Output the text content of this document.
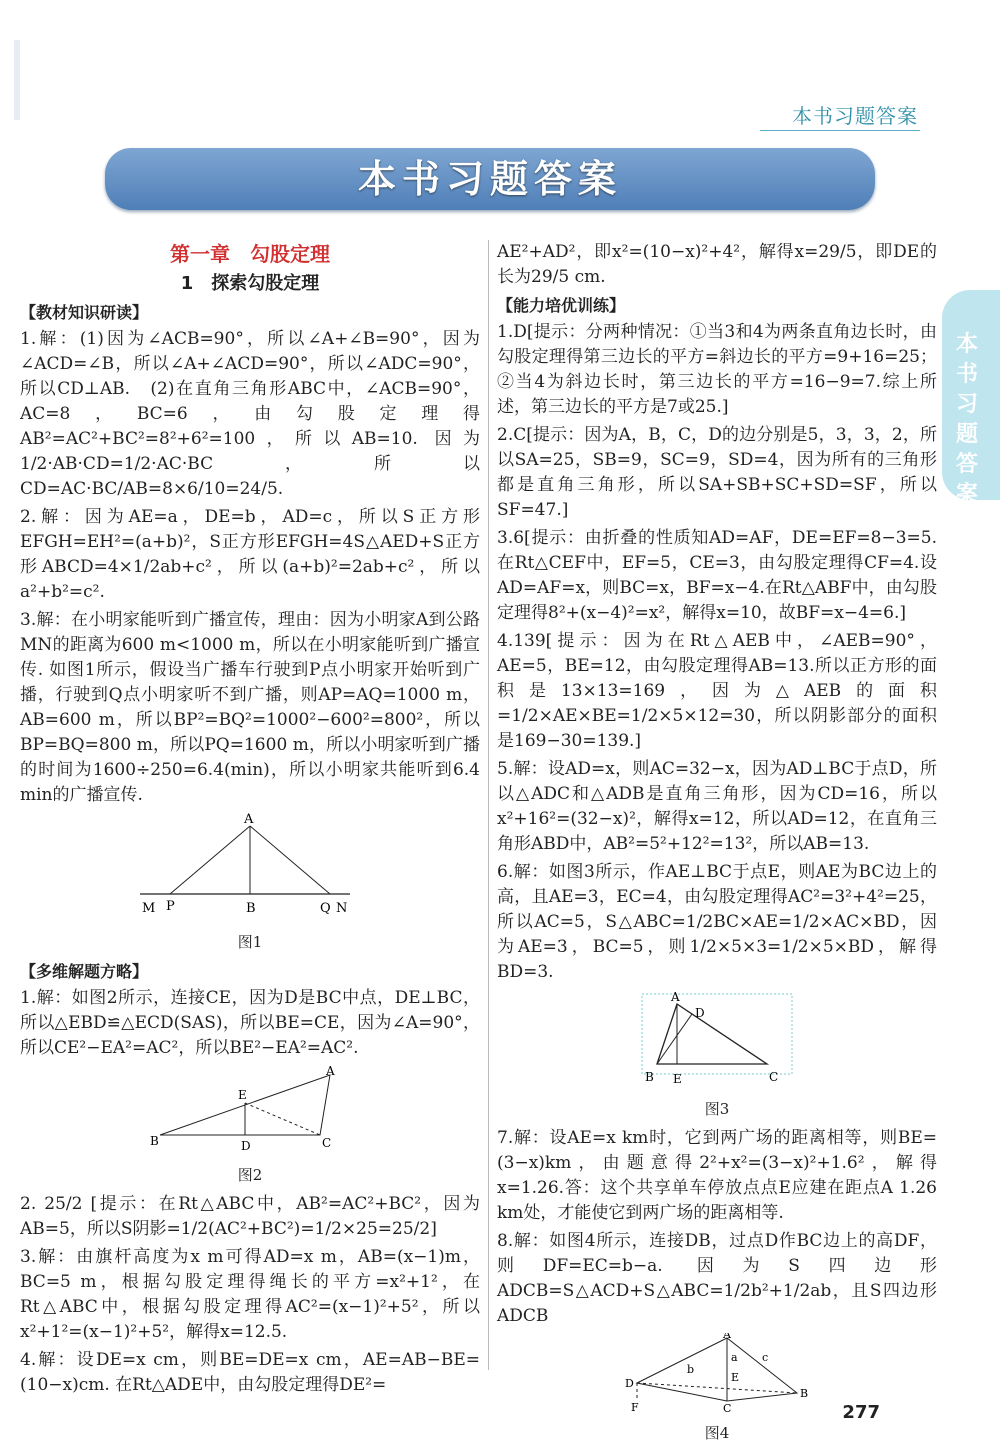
本书习题答案
本书习题答案
本书习题答案
第一章　勾股定理
1　探索勾股定理
【教材知识研读】

1.解：(1)因为∠ACB=90°，所以∠A+∠B=90°，因为∠ACD=∠B，所以∠A+∠ACD=90°，所以∠ADC=90°，所以CD⊥AB.　(2)在直角三角形ABC中，∠ACB=90°，AC=8，BC=6，由勾股定理得AB²=AC²+BC²=8²+6²=100，所以AB=10. 因为1/2·AB·CD=1/2·AC·BC，所以CD=AC·BC/AB=8×6/10=24/5.

2.解：因为AE=a，DE=b，AD=c，所以S正方形EFGH=EH²=(a+b)²，S正方形EFGH=4S△AED+S正方形ABCD=4×1/2ab+c²，所以(a+b)²=2ab+c²，所以a²+b²=c².

3.解：在小明家能听到广播宣传，理由：因为小明家A到公路MN的距离为600 m<1000 m，所以在小明家能听到广播宣传. 如图1所示，假设当广播车行驶到P点小明家开始听到广播，行驶到Q点小明家听不到广播，则AP=AQ=1000 m，AB=600 m，所以BP²=BQ²=1000²−600²=800²，所以BP=BQ=800 m，所以PQ=1600 m，所以小明家听到广播的时间为1600÷250=6.4(min)，所以小明家共能听到6.4 min的广播宣传.

A
M P	B	Q N
图1
【多维解题方略】

1.解：如图2所示，连接CE，因为D是BC中点，DE⊥BC，所以△EBD≌△ECD(SAS)，所以BE=CE，因为∠A=90°，所以CE²−EA²=AC²，所以BE²−EA²=AC².

A
E
B	D	C
图2

2. 25/2 [提示：在Rt△ABC中，AB²=AC²+BC²，因为AB=5，所以S阴影=1/2(AC²+BC²)=1/2×25=25/2]

3.解：由旗杆高度为x m可得AD=x m，AB=(x−1)m，BC=5 m，根据勾股定理得绳长的平方=x²+1²，在Rt△ABC中，根据勾股定理得AC²=(x−1)²+5²，所以x²+1²=(x−1)²+5²，解得x=12.5.

4.解：设DE=x cm，则BE=DE=x cm，AE=AB−BE=(10−x)cm. 在Rt△ADE中，由勾股定理得DE²=

AE²+AD²，即x²=(10−x)²+4²，解得x=29/5，即DE的长为29/5 cm.

【能力培优训练】

1.D[提示：分两种情况：①当3和4为两条直角边长时，由勾股定理得第三边长的平方=斜边长的平方=9+16=25；②当4为斜边长时，第三边长的平方=16−9=7.综上所述，第三边长的平方是7或25.]

2.C[提示：因为A，B，C，D的边分别是5，3，3，2，所以SA=25，SB=9，SC=9，SD=4，因为所有的三角形都是直角三角形，所以SA+SB+SC+SD=SF，所以SF=47.]

3.6[提示：由折叠的性质知AD=AF，DE=EF=8−3=5.在Rt△CEF中，EF=5，CE=3，由勾股定理得CF=4.设AD=AF=x，则BC=x，BF=x−4.在Rt△ABF中，由勾股定理得8²+(x−4)²=x²，解得x=10，故BF=x−4=6.]

4.139[提示：因为在Rt△AEB中，∠AEB=90°，AE=5，BE=12，由勾股定理得AB=13.所以正方形的面积是13×13=169，因为△AEB的面积=1/2×AE×BE=1/2×5×12=30，所以阴影部分的面积是169−30=139.]

5.解：设AD=x，则AC=32−x，因为AD⊥BC于点D，所以△ADC和△ADB是直角三角形，因为CD=16，所以x²+16²=(32−x)²，解得x=12，所以AD=12，在直角三角形ABD中，AB²=5²+12²=13²，所以AB=13.

6.解：如图3所示，作AE⊥BC于点E，则AE为BC边上的高，且AE=3，EC=4，由勾股定理得AC²=3²+4²=25，所以AC=5，S△ABC=1/2BC×AE=1/2×AC×BD，因为AE=3，BC=5，则1/2×5×3=1/2×5×BD，解得BD=3.

A
D
B E	C
图3

7.解：设AE=x km时，它到两广场的距离相等，则BE=(3−x)km，由题意得2²+x²=(3−x)²+1.6²，解得x=1.26.答：这个共享单车停放点点E应建在距点A 1.26 km处，才能使它到两广场的距离相等.

8.解：如图4所示，连接DB，过点D作BC边上的高DF，则DF=EC=b−a. 因为S四边形ADCB=S△ACD+S△ABC=1/2b²+1/2ab，且S四边形ADCB

A
D	E
B
F	C
a
b
c
图4
277
